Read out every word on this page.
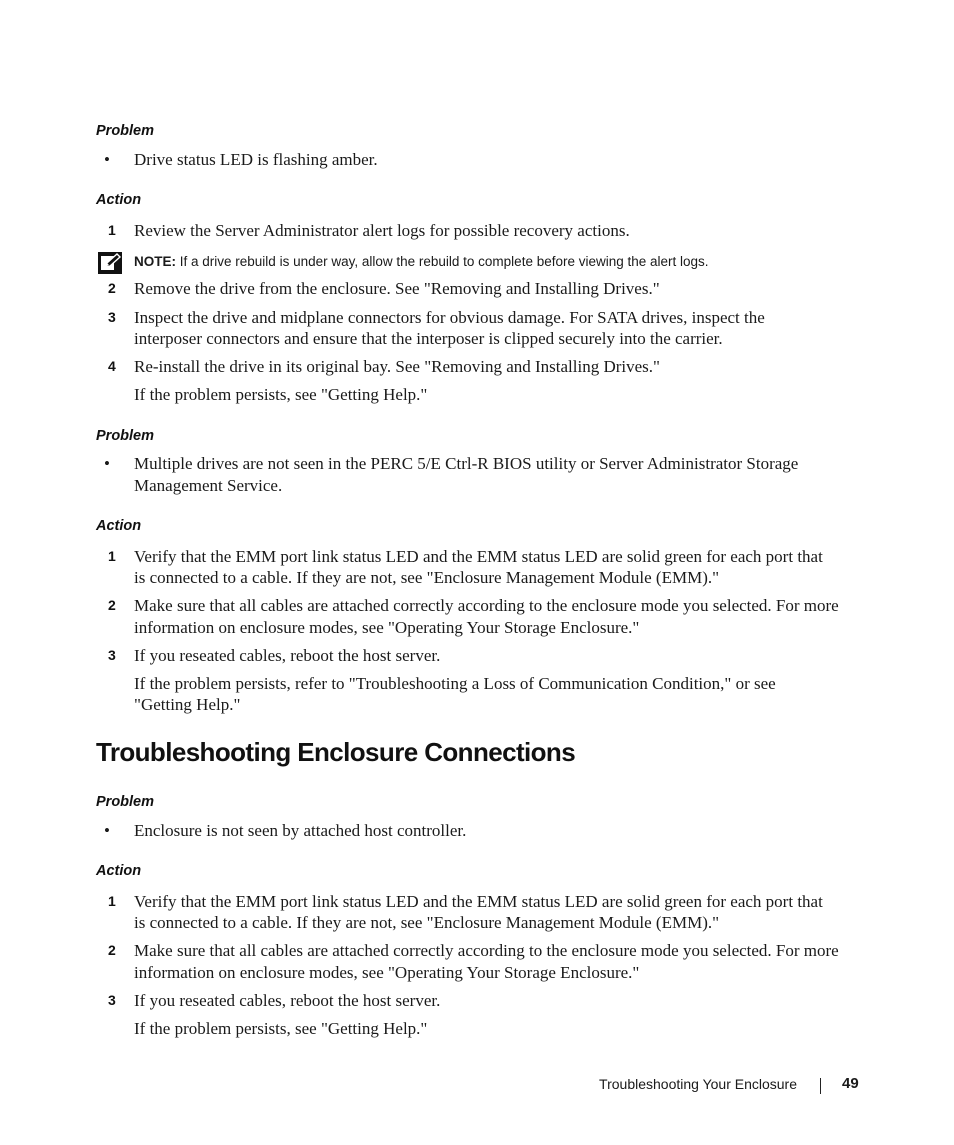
Problem
• Drive status LED is flashing amber.
Action
1 Review the Server Administrator alert logs for possible recovery actions.
NOTE: If a drive rebuild is under way, allow the rebuild to complete before viewing the alert logs.
2 Remove the drive from the enclosure. See "Removing and Installing Drives."
3 Inspect the drive and midplane connectors for obvious damage. For SATA drives, inspect the
interposer connectors and ensure that the interposer is clipped securely into the carrier.
4 Re-install the drive in its original bay. See "Removing and Installing Drives."
If the problem persists, see "Getting Help."
Problem
• Multiple drives are not seen in the PERC 5/E Ctrl-R BIOS utility or Server Administrator Storage
Management Service.
Action
1 Verify that the EMM port link status LED and the EMM status LED are solid green for each port that
is connected to a cable. If they are not, see "Enclosure Management Module (EMM)."
2 Make sure that all cables are attached correctly according to the enclosure mode you selected. For more
information on enclosure modes, see "Operating Your Storage Enclosure."
3 If you reseated cables, reboot the host server.
If the problem persists, refer to "Troubleshooting a Loss of Communication Condition," or see
"Getting Help."
Troubleshooting Enclosure Connections
Problem
• Enclosure is not seen by attached host controller.
Action
1 Verify that the EMM port link status LED and the EMM status LED are solid green for each port that
is connected to a cable. If they are not, see "Enclosure Management Module (EMM)."
2 Make sure that all cables are attached correctly according to the enclosure mode you selected. For more
information on enclosure modes, see "Operating Your Storage Enclosure."
3 If you reseated cables, reboot the host server.
If the problem persists, see "Getting Help."
Troubleshooting Your Enclosure	49
